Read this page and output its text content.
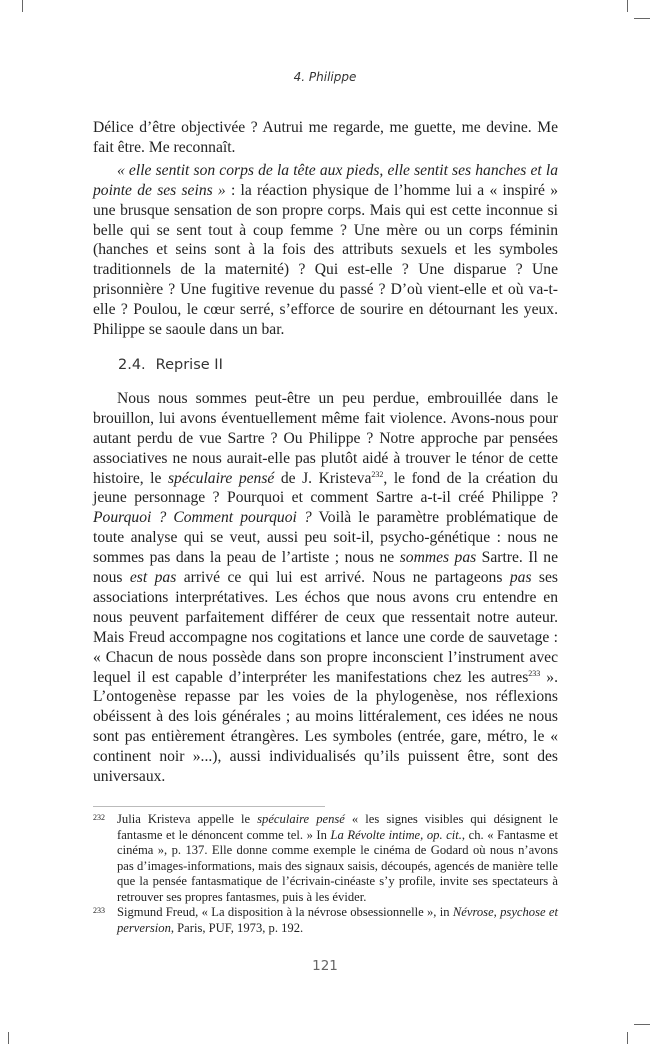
4. Philippe

Délice d’être objectivée ? Autrui me regarde, me guette, me devine. Me fait être. Me reconnaît.

« elle sentit son corps de la tête aux pieds, elle sentit ses hanches et la pointe de ses seins » : la réaction physique de l’homme lui a « inspiré » une brusque sensation de son propre corps. Mais qui est cette inconnue si belle qui se sent tout à coup femme ? Une mère ou un corps féminin (hanches et seins sont à la fois des attributs sexuels et les symboles traditionnels de la maternité) ? Qui est-elle ? Une disparue ? Une prisonnière ? Une fugitive revenue du passé ? D’où vient-elle et où va-t-elle ? Poulou, le cœur serré, s’efforce de sourire en détournant les yeux. Philippe se saoule dans un bar.

2.4. Reprise II

Nous nous sommes peut-être un peu perdue, embrouillée dans le brouillon, lui avons éventuellement même fait violence. Avons-nous pour autant perdu de vue Sartre ? Ou Philippe ? Notre approche par pensées associatives ne nous aurait-elle pas plutôt aidé à trouver le ténor de cette histoire, le spéculaire pensé de J. Kristeva$^{232}$, le fond de la création du jeune personnage ? Pourquoi et comment Sartre a-t-il créé Philippe ? Pourquoi ? Comment pourquoi ? Voilà le paramètre problématique de toute analyse qui se veut, aussi peu soit-il, psycho-génétique : nous ne sommes pas dans la peau de l’artiste ; nous ne sommes pas Sartre. Il ne nous est pas arrivé ce qui lui est arrivé. Nous ne partageons pas ses associations interprétatives. Les échos que nous avons cru entendre en nous peuvent parfaitement différer de ceux que ressentait notre auteur. Mais Freud accompagne nos cogitations et lance une corde de sauvetage : « Chacun de nous possède dans son propre inconscient l’instrument avec lequel il est capable d’interpréter les manifestations chez les autres$^{233}$ ». L’ontogenèse repasse par les voies de la phylogenèse, nos réflexions obéissent à des lois générales ; au moins littéralement, ces idées ne nous sont pas entièrement étrangères. Les symboles (entrée, gare, métro, le « continent noir »...), aussi individualisés qu’ils puissent être, sont des universaux.

232 Julia Kristeva appelle le spéculaire pensé « les signes visibles qui désignent le fantasme et le dénoncent comme tel. » In La Révolte intime, op. cit., ch. « Fantasme et cinéma », p. 137. Elle donne comme exemple le cinéma de Godard où nous n’avons pas d’images-informations, mais des signaux saisis, découpés, agencés de manière telle que la pensée fantasmatique de l’écrivain-cinéaste s’y profile, invite ses spectateurs à retrouver ses propres fantasmes, puis à les évider.
233 Sigmund Freud, « La disposition à la névrose obsessionnelle », in Névrose, psychose et perversion, Paris, PUF, 1973, p. 192.
121
